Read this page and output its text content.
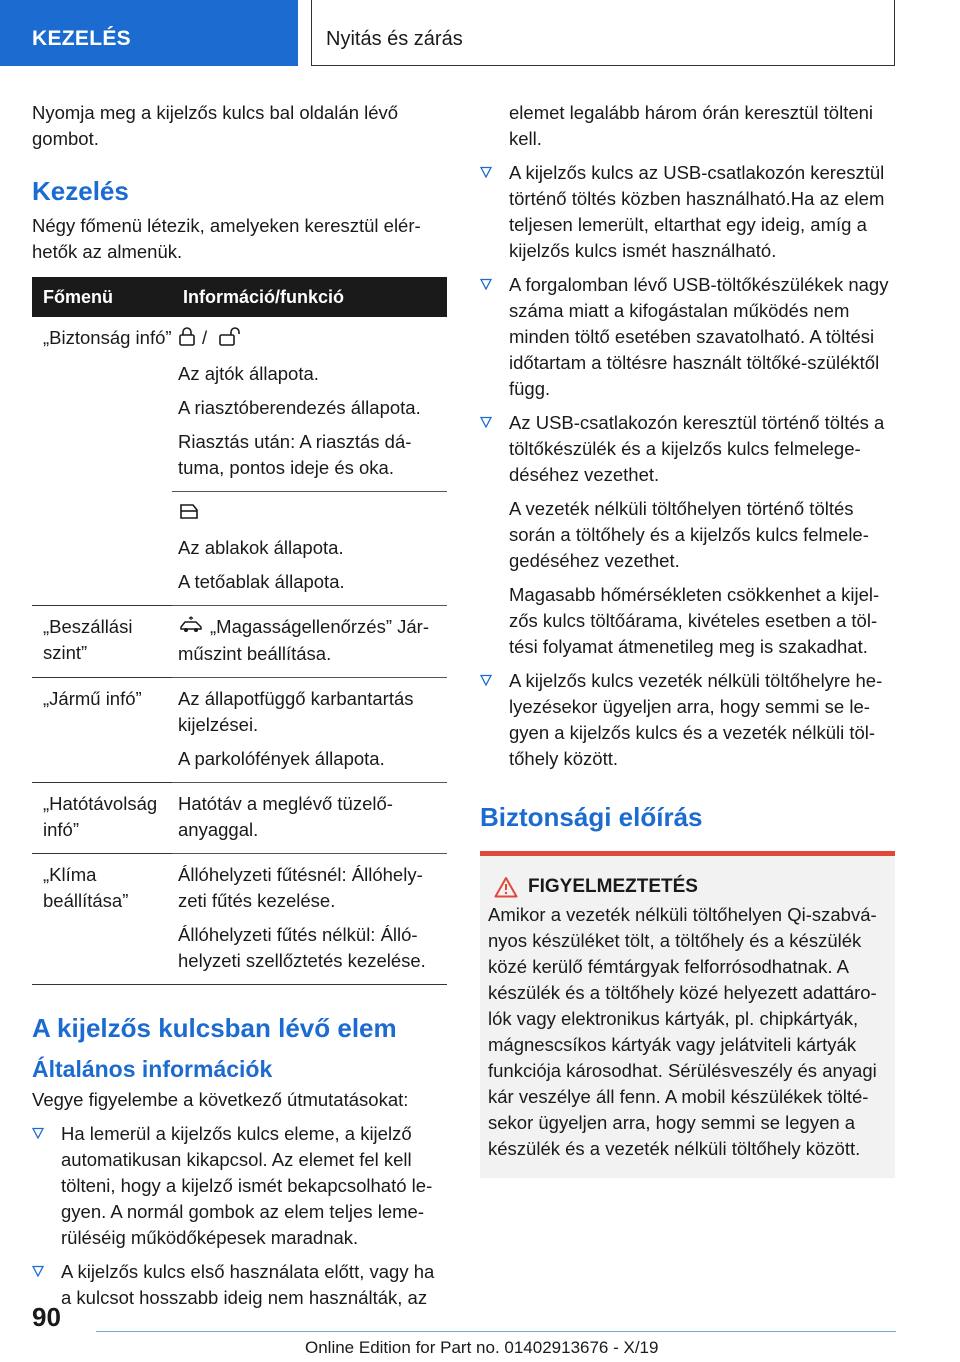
KEZELÉS	Nyitás és zárás

Nyomja meg a kijelzős kulcs bal oldalán lévő gombot.

Kezelés

Négy főmenü létezik, amelyeken keresztül elér-hetők az almenük.

Főmenü	Információ/funkció
„Biztonság infó”	/

Az ajtók állapota.

A riasztóberendezés állapota.

Riasztás után: A riasztás dá-tuma, pontos ideje és oka.

	Az ablakok állapota.

A tetőablak állapota.

„Beszállási szint”	„Magasságellenőrzés” Jár-műszint beállítása.

„Jármű infó”	Az állapotfüggő karbantartás kijelzései.

A parkolófények állapota.

„Hatótávolság infó”	Hatótáv a meglévő tüzelő-anyaggal.

„Klíma beállítása”	Állóhelyzeti fűtésnél: Állóhely-zeti fűtés kezelése.

Állóhelyzeti fűtés nélkül: Álló-helyzeti szellőztetés kezelése.

A kijelzős kulcsban lévő elem
Általános információk

Vegye figyelembe a következő útmutatásokat:

Ha lemerül a kijelzős kulcs eleme, a kijelző automatikusan kikapcsol. Az elemet fel kell tölteni, hogy a kijelző ismét bekapcsolható le-gyen. A normál gombok az elem teljes leme-rüléséig működőképesek maradnak.

A kijelzős kulcs első használata előtt, vagy ha a kulcsot hosszabb ideig nem használták, az

elemet legalább három órán keresztül tölteni kell.

A kijelzős kulcs az USB-csatlakozón keresztül történő töltés közben használható.Ha az elem teljesen lemerült, eltarthat egy ideig, amíg a kijelzős kulcs ismét használható.

A forgalomban lévő USB-töltőkészülékek nagy száma miatt a kifogástalan működés nem minden töltő esetében szavatolható. A töltési időtartam a töltésre használt töltőké-szüléktől függ.

Az USB-csatlakozón keresztül történő töltés a töltőkészülék és a kijelzős kulcs felmelege-déséhez vezethet.

A vezeték nélküli töltőhelyen történő töltés során a töltőhely és a kijelzős kulcs felmele-gedéséhez vezethet.

Magasabb hőmérsékleten csökkenhet a kijel-zős kulcs töltőárama, kivételes esetben a töl-tési folyamat átmenetileg meg is szakadhat.

A kijelzős kulcs vezeték nélküli töltőhelyre he-lyezésekor ügyeljen arra, hogy semmi se le-gyen a kijelzős kulcs és a vezeték nélküli töl-tőhely között.

Biztonsági előírás
FIGYELMEZTETÉS

Amikor a vezeték nélküli töltőhelyen Qi-szabvá-nyos készüléket tölt, a töltőhely és a készülék közé kerülő fémtárgyak felforrósodhatnak. A készülék és a töltőhely közé helyezett adattáro-lók vagy elektronikus kártyák, pl. chipkártyák, mágnescsíkos kártyák vagy jelátviteli kártyák funkciója károsodhat. Sérülésveszély és anyagi kár veszélye áll fenn. A mobil készülékek tölté-sekor ügyeljen arra, hogy semmi se legyen a készülék és a vezeték nélküli töltőhely között.

90
Online Edition for Part no. 01402913676 - X/19
